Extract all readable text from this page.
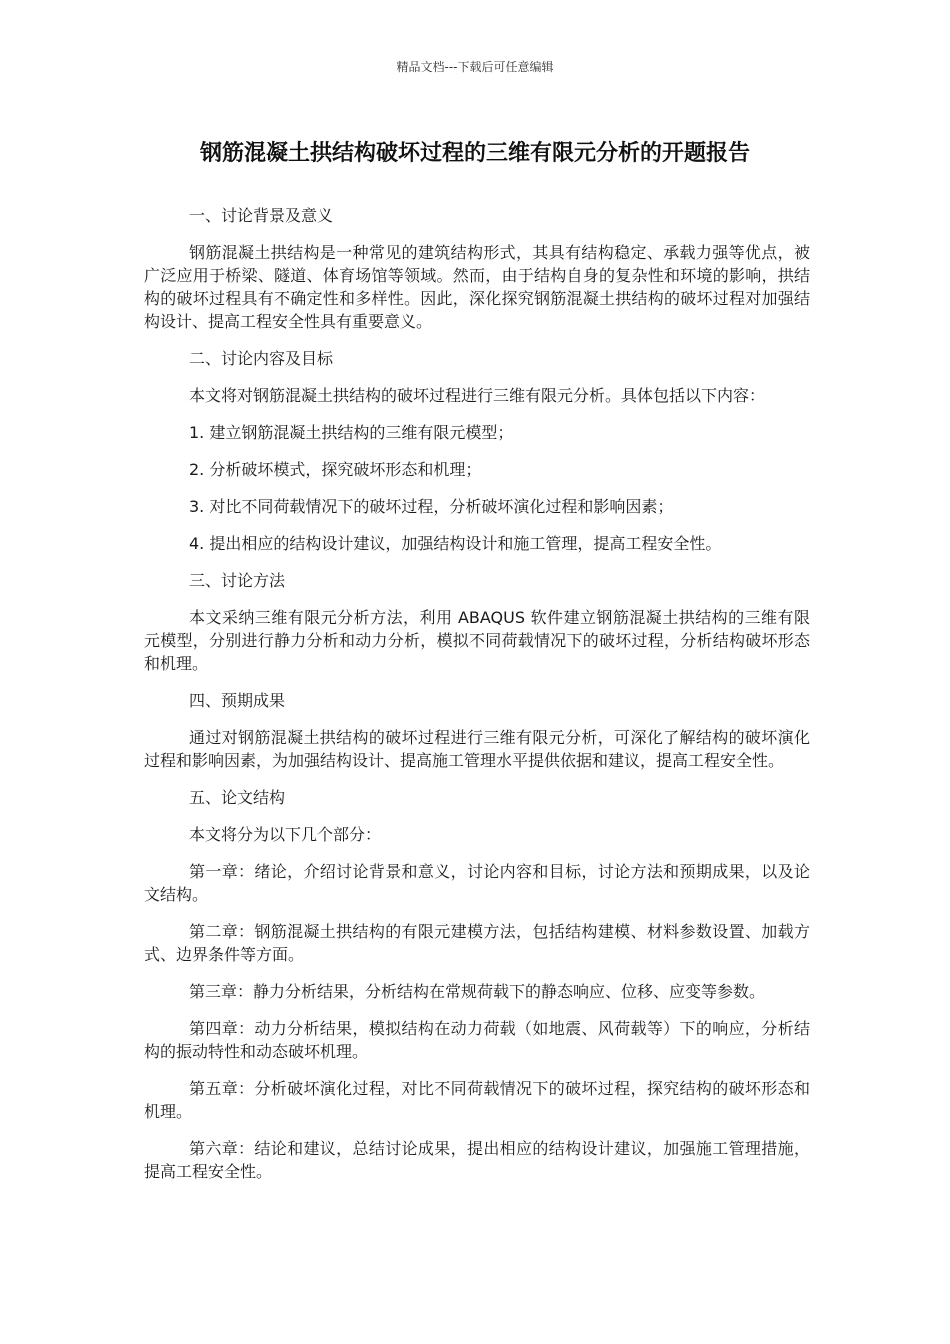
精品文档---下载后可任意编辑
钢筋混凝土拱结构破坏过程的三维有限元分析的开题报告

一、讨论背景及意义

钢筋混凝土拱结构是一种常见的建筑结构形式，其具有结构稳定、承载力强等优点，被广泛应用于桥梁、隧道、体育场馆等领域。然而，由于结构自身的复杂性和环境的影响，拱结构的破坏过程具有不确定性和多样性。因此，深化探究钢筋混凝土拱结构的破坏过程对加强结构设计、提高工程安全性具有重要意义。

二、讨论内容及目标

本文将对钢筋混凝土拱结构的破坏过程进行三维有限元分析。具体包括以下内容：

1. 建立钢筋混凝土拱结构的三维有限元模型；

2. 分析破坏模式，探究破坏形态和机理；

3. 对比不同荷载情况下的破坏过程，分析破坏演化过程和影响因素；

4. 提出相应的结构设计建议，加强结构设计和施工管理，提高工程安全性。

三、讨论方法

本文采纳三维有限元分析方法，利用 ABAQUS 软件建立钢筋混凝土拱结构的三维有限元模型，分别进行静力分析和动力分析，模拟不同荷载情况下的破坏过程，分析结构破坏形态和机理。

四、预期成果

通过对钢筋混凝土拱结构的破坏过程进行三维有限元分析，可深化了解结构的破坏演化过程和影响因素，为加强结构设计、提高施工管理水平提供依据和建议，提高工程安全性。

五、论文结构

本文将分为以下几个部分：

第一章：绪论，介绍讨论背景和意义，讨论内容和目标，讨论方法和预期成果，以及论文结构。

第二章：钢筋混凝土拱结构的有限元建模方法，包括结构建模、材料参数设置、加载方式、边界条件等方面。

第三章：静力分析结果，分析结构在常规荷载下的静态响应、位移、应变等参数。

第四章：动力分析结果，模拟结构在动力荷载（如地震、风荷载等）下的响应，分析结构的振动特性和动态破坏机理。

第五章：分析破坏演化过程，对比不同荷载情况下的破坏过程，探究结构的破坏形态和机理。

第六章：结论和建议，总结讨论成果，提出相应的结构设计建议，加强施工管理措施，提高工程安全性。
